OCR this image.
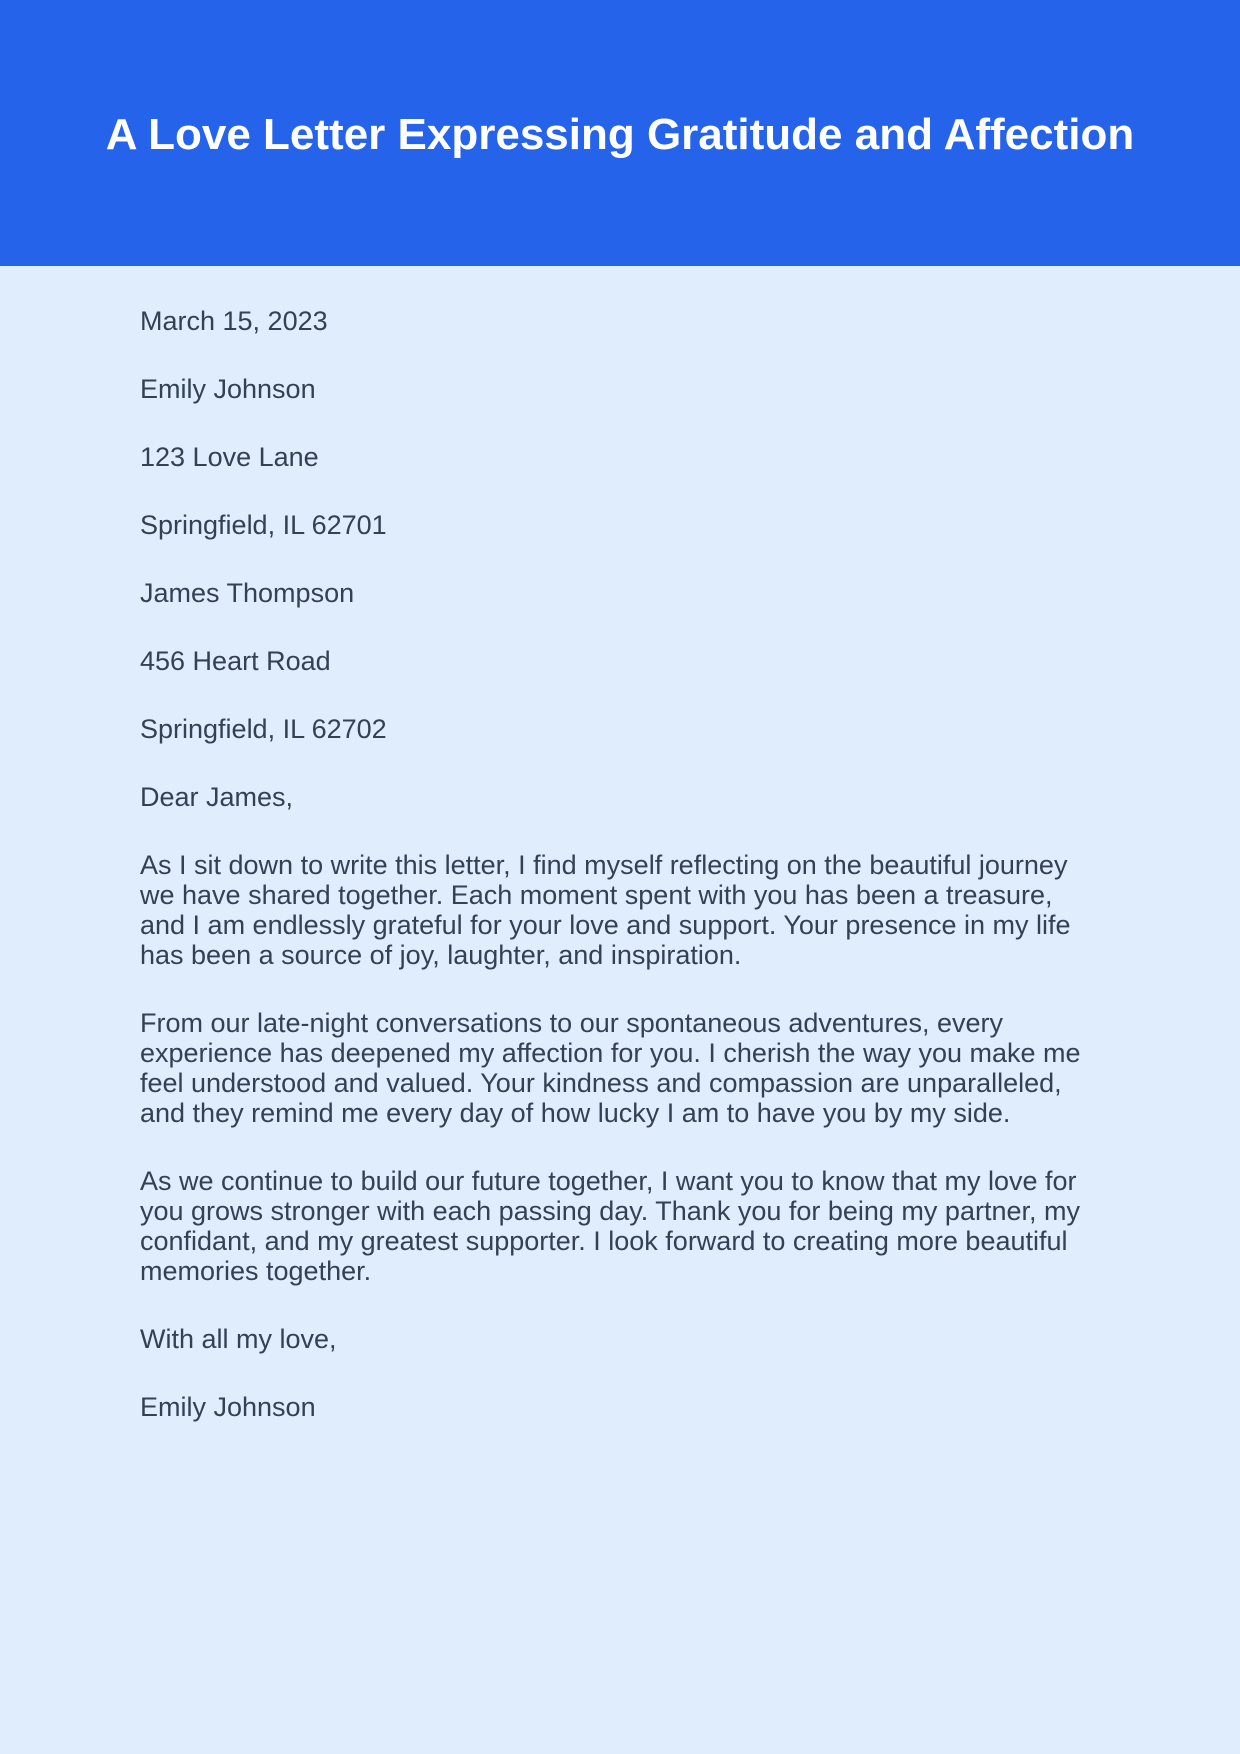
A Love Letter Expressing Gratitude and Affection

March 15, 2023

Emily Johnson

123 Love Lane

Springfield, IL 62701

James Thompson

456 Heart Road

Springfield, IL 62702

Dear James,

As I sit down to write this letter, I find myself reflecting on the beautiful journey we have shared together. Each moment spent with you has been a treasure, and I am endlessly grateful for your love and support. Your presence in my life has been a source of joy, laughter, and inspiration.

From our late-night conversations to our spontaneous adventures, every experience has deepened my affection for you. I cherish the way you make me feel understood and valued. Your kindness and compassion are unparalleled, and they remind me every day of how lucky I am to have you by my side.

As we continue to build our future together, I want you to know that my love for you grows stronger with each passing day. Thank you for being my partner, my confidant, and my greatest supporter. I look forward to creating more beautiful memories together.

With all my love,

Emily Johnson
